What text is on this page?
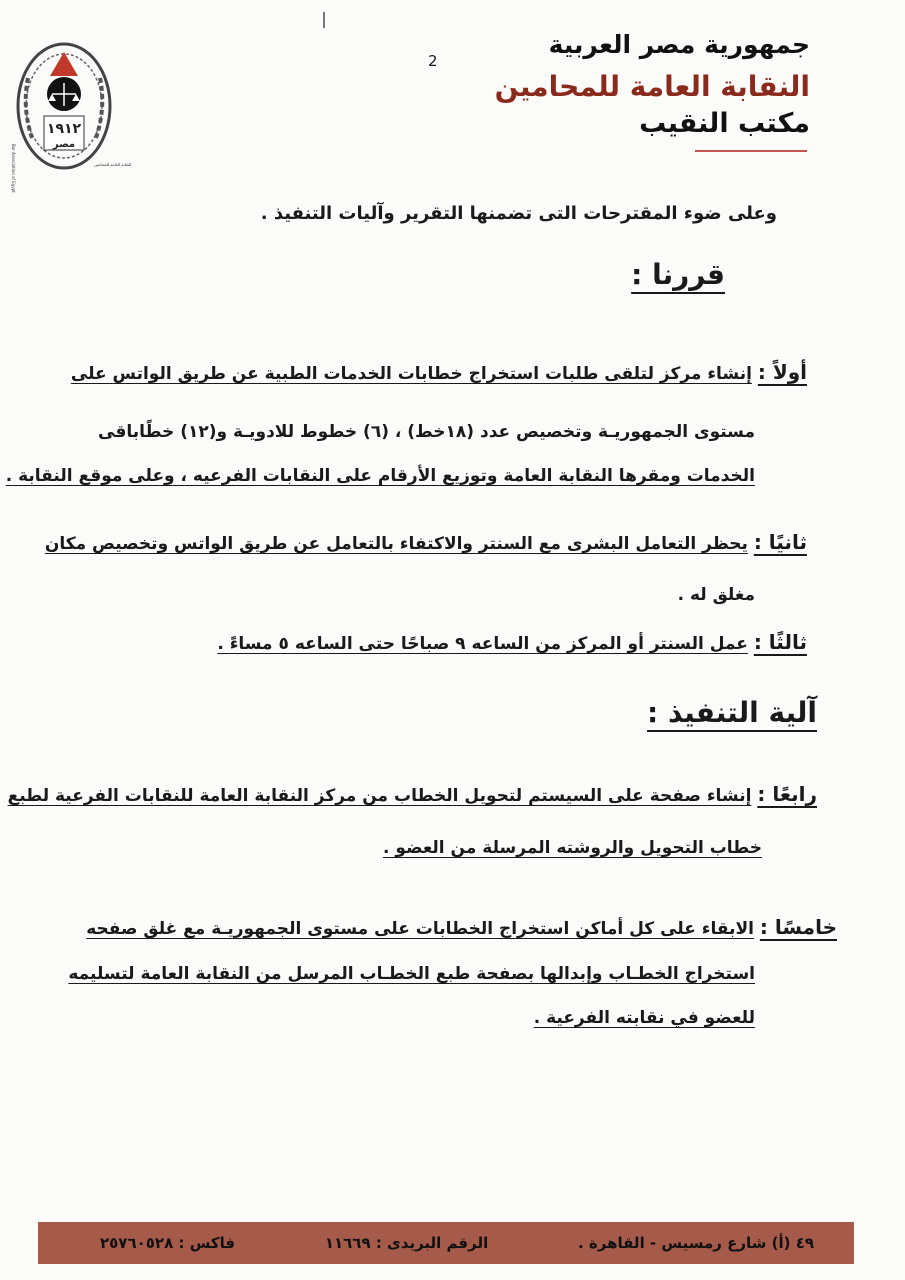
2
١٩١٢
مصر
Bar Association of Egypt	النقابة العامة للمحامين
جمهورية مصر العربية
النقابة العامة للمحامين
مكتب النقيب
وعلى ضوء المقترحات التى تضمنها التقرير وآليات التنفيذ .
قررنا :
أولاً : إنشاء مركز لتلقى طلبات استخراج خطابات الخدمات الطبية عن طريق الواتس على
مستوى الجمهوريـة وتخصيص عدد (١٨خط) ، (٦) خطوط للادويـة و(١٢) خطًاباقى
الخدمات ومقرها النقابة العامة وتوزيع الأرقام على النقابات الفرعيه ، وعلى موقع النقابة .
ثانيًا : يحظر التعامل البشرى مع السنتر والاكتفاء بالتعامل عن طريق الواتس وتخصيص مكان
مغلق له .
ثالثًا : عمل السنتر أو المركز من الساعه ٩ صباحًا حتى الساعه ٥ مساءً .
آلية التنفيذ :
رابعًا : إنشاء صفحة على السيستم لتحويل الخطاب من مركز النقابة العامة للنقابات الفرعية لطبع
خطاب التحويل والروشته المرسلة من العضو .
خامسًا : الابقاء على كل أماكن استخراج الخطابات على مستوى الجمهوريـة مع غلق صفحه
استخراج الخطـاب وإبدالها بصفحة طبع الخطـاب المرسل من النقابة العامة لتسليمه
للعضو في نقابته الفرعية .
٤٩ (أ) شارع رمسيس - القاهرة .
الرقم البريدى : ١١٦٦٩
فاكس : ٢٥٧٦٠٥٢٨
